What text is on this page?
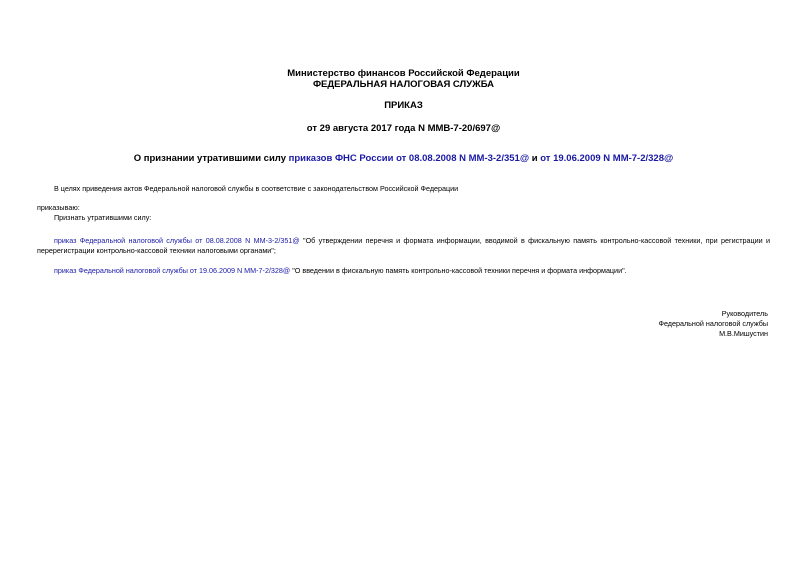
Министерство финансов Российской Федерации
ФЕДЕРАЛЬНАЯ НАЛОГОВАЯ СЛУЖБА
ПРИКАЗ
от 29 августа 2017 года N ММВ-7-20/697@
О признании утратившими силу приказов ФНС России от 08.08.2008 N ММ-3-2/351@ и от 19.06.2009 N ММ-7-2/328@
В целях приведения актов Федеральной налоговой службы в соответствие с законодательством Российской Федерации
приказываю:
Признать утратившими силу:
приказ Федеральной налоговой службы от 08.08.2008 N ММ-3-2/351@ "Об утверждении перечня и формата информации, вводимой в фискальную память контрольно-кассовой техники, при регистрации и перерегистрации контрольно-кассовой техники налоговыми органами";
приказ Федеральной налоговой службы от 19.06.2009 N ММ-7-2/328@ "О введении в фискальную память контрольно-кассовой техники перечня и формата информации".
Руководитель
Федеральной налоговой службы
М.В.Мишустин
